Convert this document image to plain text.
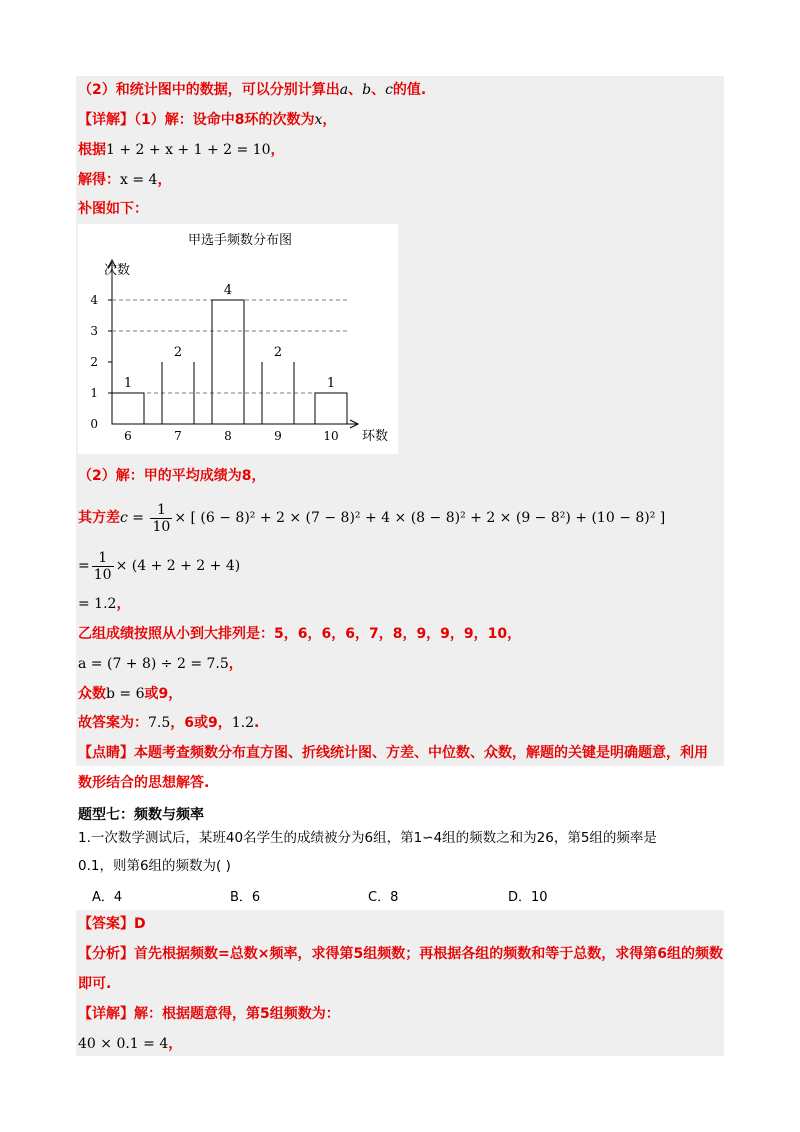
（2）和统计图中的数据，可以分别计算出a、b、c的值.
【详解】（1）解：设命中8环的次数为x，
根据1 + 2 + x + 1 + 2 = 10，
解得：x = 4，
补图如下：
甲选手频数分布图
次数
环数
0
1
2
3
4
1
6
2
7
4
8
2
9
1
10
（2）解：甲的平均成绩为8，
其方差$c = \frac{1}{10}$ × [ (6 − 8)² + 2 × (7 − 8)² + 4 × (8 − 8)² + 2 × (9 − 8²) + (10 − 8)² ]
= $\frac{1}{10} \times (4 + 2 + 2 + 4)$
= 1.2，
乙组成绩按照从小到大排列是：5，6，6，6，7，8，9，9，9，10，
a = (7 + 8) ÷ 2 = 7.5，
众数b = 6或9，
故答案为：7.5，6或9，1.2.
【点睛】本题考查频数分布直方图、折线统计图、方差、中位数、众数，解题的关键是明确题意，利用
数形结合的思想解答.
题型七：频数与频率
1.一次数学测试后，某班40名学生的成绩被分为6组，第1∽4组的频数之和为26，第5组的频率是
0.1，则第6组的频数为( )
A．4	B．6	C．8	D．10
【答案】D
【分析】首先根据频数=总数×频率，求得第5组频数；再根据各组的频数和等于总数，求得第6组的频数
即可.
【详解】解：根据题意得，第5组频数为：
40 × 0.1 = 4，
